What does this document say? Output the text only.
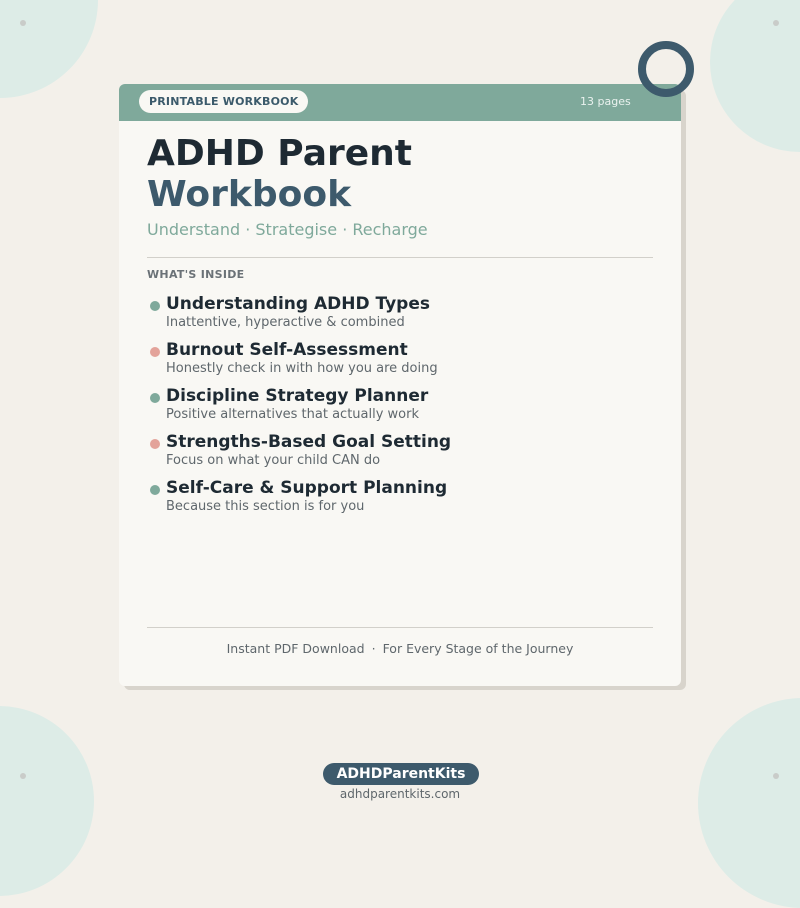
PRINTABLE WORKBOOK	13 pages
ADHD Parent
Workbook
Understand · Strategise · Recharge
WHAT'S INSIDE
Understanding ADHD Types
Inattentive, hyperactive & combined
Burnout Self-Assessment
Honestly check in with how you are doing
Discipline Strategy Planner
Positive alternatives that actually work
Strengths-Based Goal Setting
Focus on what your child CAN do
Self-Care & Support Planning
Because this section is for you
Instant PDF Download · For Every Stage of the Journey
ADHDParentKits
adhdparentkits.com
